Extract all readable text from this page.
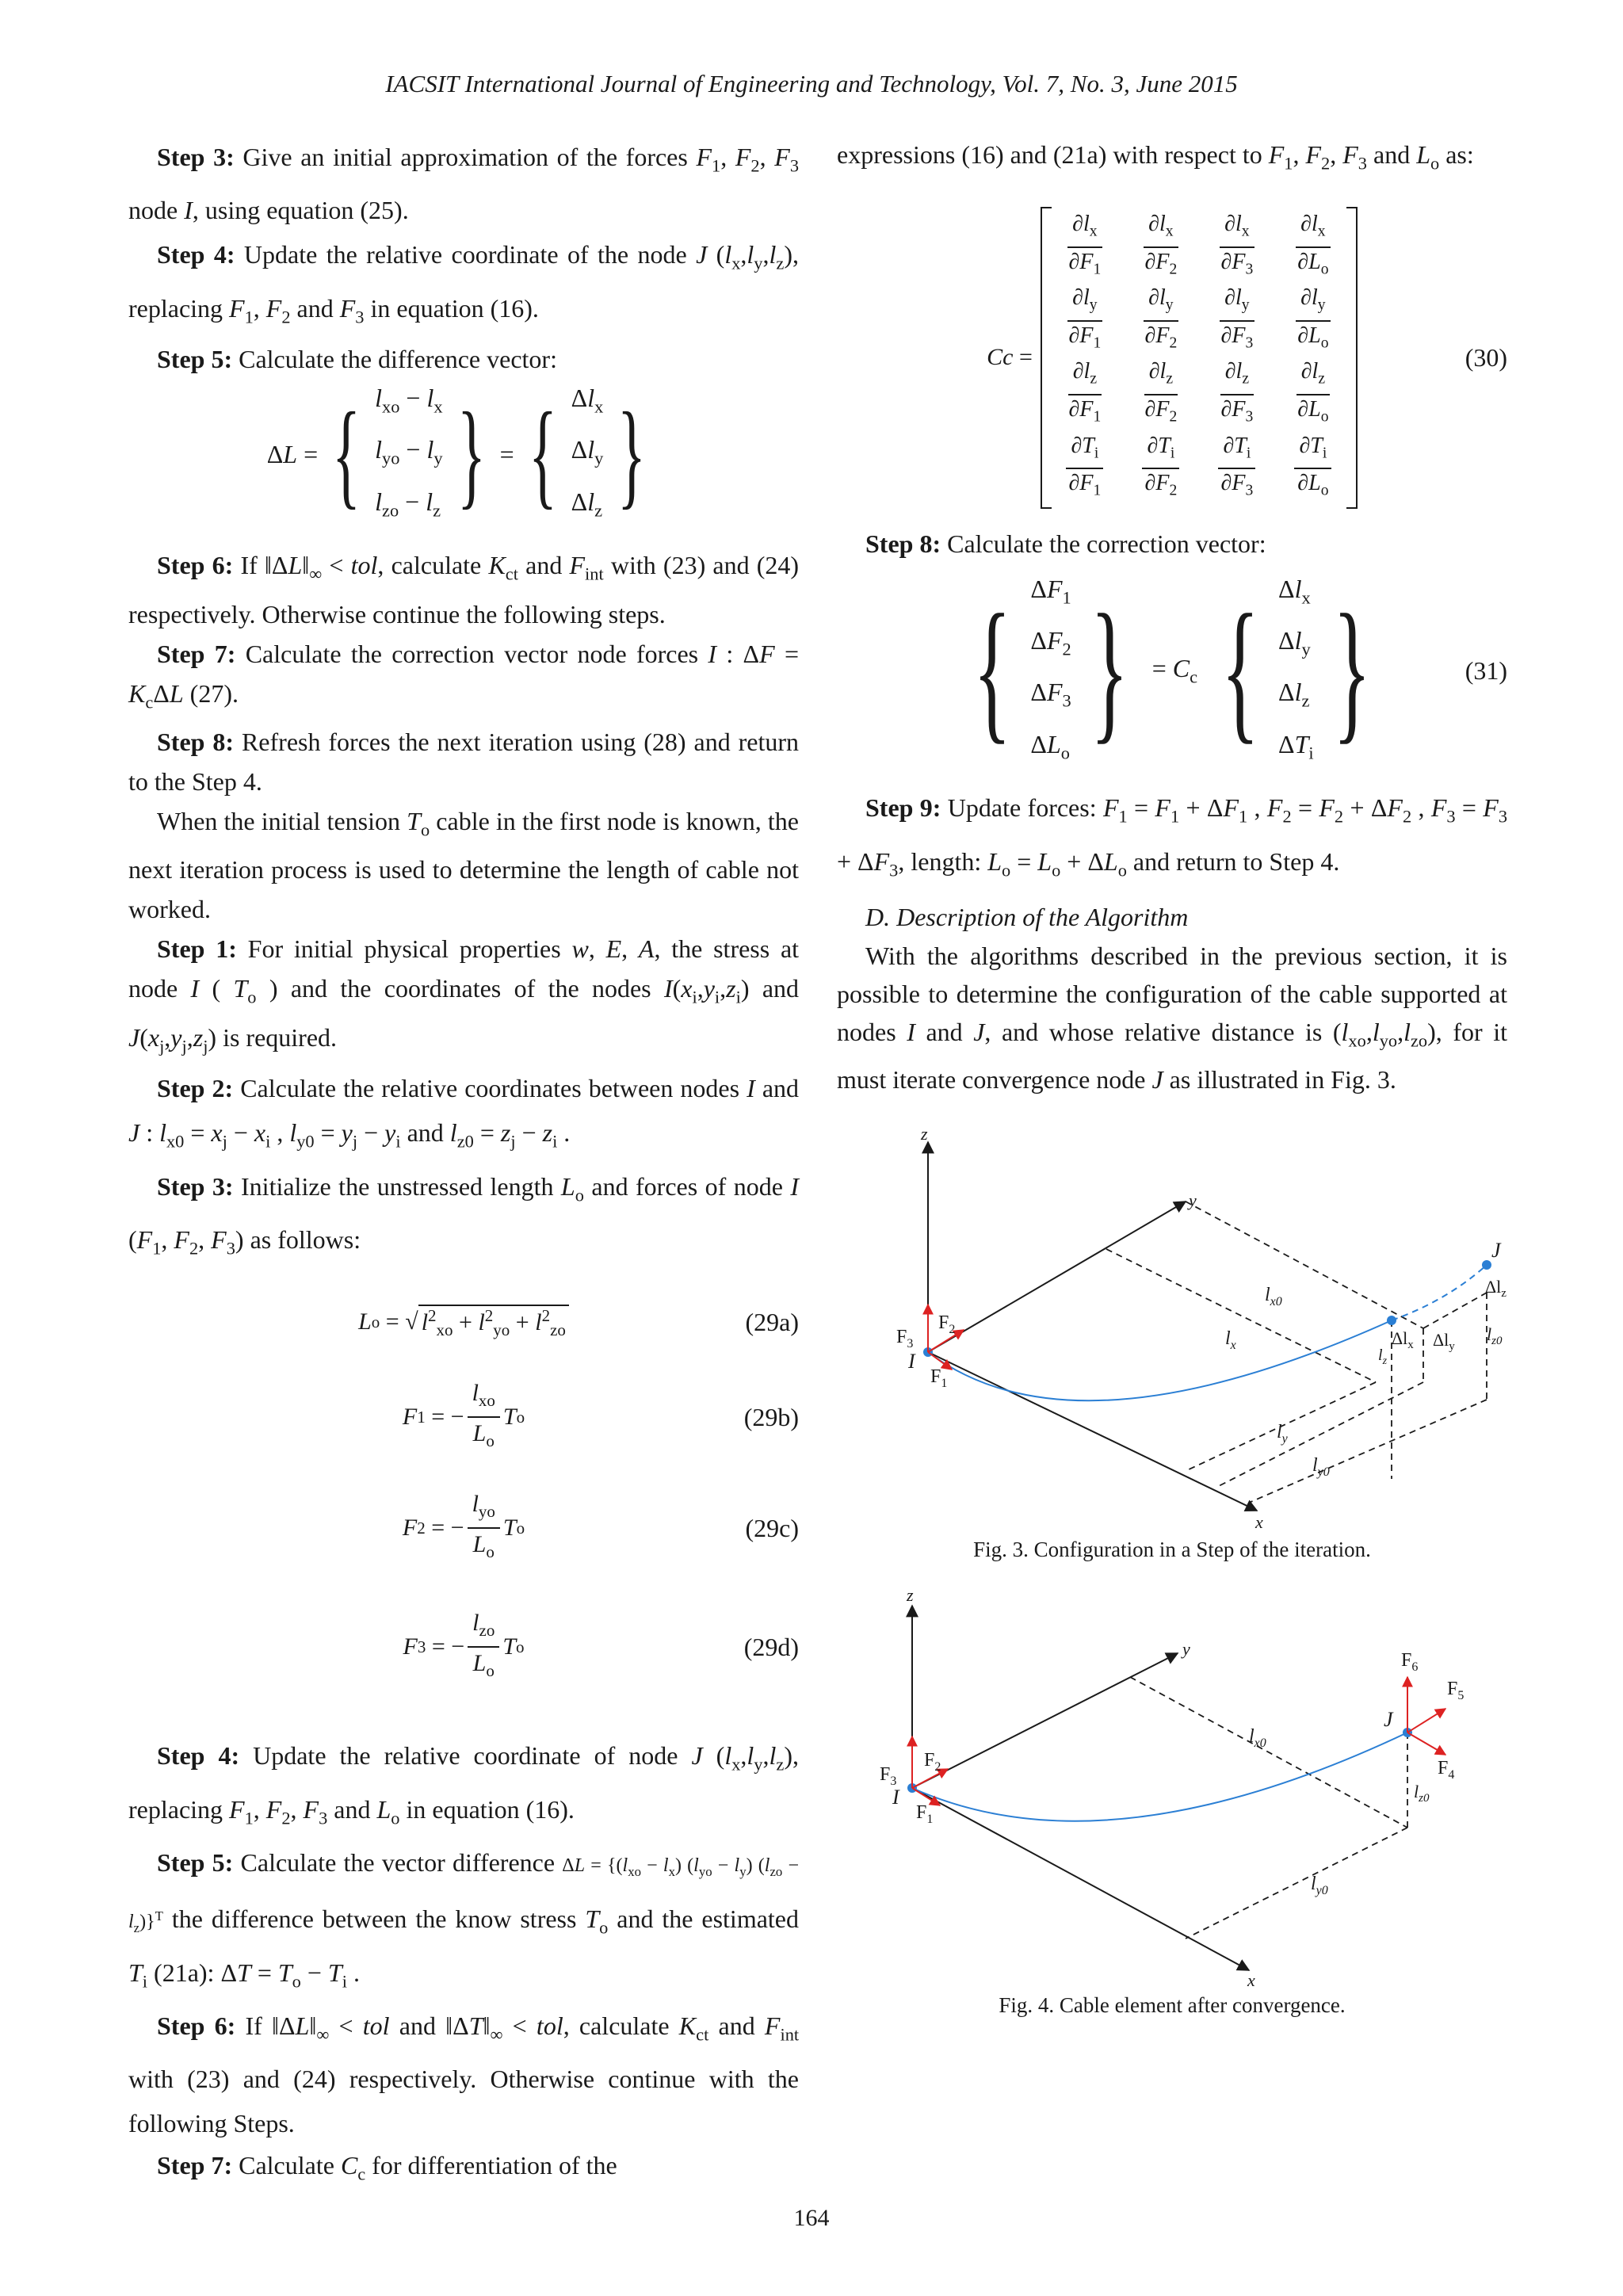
IACSIT International Journal of Engineering and Technology, Vol. 7, No. 3, June 2015

Step 3: Give an initial approximation of the forces $F_1$, $F_2$, $F_3$ node I, using equation (25).

Step 4: Update the relative coordinate of the node J $(l_x,l_y,l_z)$, replacing $F_1$, $F_2$ and $F_3$ in equation (16).

Step 5: Calculate the difference vector:

ΔL = { $l_{xo} - l_x$
$l_{yo} - l_y$
$l_{zo} - l_z$ } = { $\Delta l_x$
$\Delta l_y$
$\Delta l_z$ }

Step 6: If $‖\Delta L‖_\infty$ < tol, calculate $K_{ct}$ and $F_{int}$ with (23) and (24) respectively. Otherwise continue the following steps.

Step 7: Calculate the correction vector node forces I : $\Delta F = K_c\Delta L$ (27).

Step 8: Refresh forces the next iteration using (28) and return to the Step 4.

When the initial tension $T_o$ cable in the first node is known, the next iteration process is used to determine the length of cable not worked.

Step 1: For initial physical properties w, E, A, the stress at node I ( $T_o$ ) and the coordinates of the nodes $I(x_i,y_i,z_i)$ and $J(x_j,y_j,z_j)$ is required.

Step 2: Calculate the relative coordinates between nodes I and J : $l_{x0} = x_j - x_i$ , $l_{y0} = y_j - y_i$ and $l_{z0} = z_j - z_i$ .

Step 3: Initialize the unstressed length $L_o$ and forces of node I ($F_1$, $F_2$, $F_3$) as follows:

L o = √ $l^2_{xo} + l^2_{yo} + l^2_{zo}$	(29a)
F 1 = − $\frac{l_{xo}}{L_o}$ T o	(29b)
F 2 = − $\frac{l_{yo}}{L_o}$ T o	(29c)
F 3 = − $\frac{l_{zo}}{L_o}$ T o	(29d)

Step 4: Update the relative coordinate of node J $(l_x,l_y,l_z)$, replacing $F_1$, $F_2$, $F_3$ and $L_o$ in equation (16).

Step 5: Calculate the vector difference $\Delta L = \{(l_{xo} - l_x) (l_{yo} - l_y) (l_{zo} - l_z)\}^T$ the difference between the know stress $T_o$ and the estimated $T_i$ (21a): $\Delta T = T_o - T_i$ .

Step 6: If $‖\Delta L‖_\infty$ < tol and $‖\Delta T‖_\infty$ < tol, calculate $K_{ct}$ and $F_{int}$ with (23) and (24) respectively. Otherwise continue with the following Steps.

Step 7: Calculate $C_c$ for differentiation of the

expressions (16) and (21a) with respect to $F_1$, $F_2$, $F_3$ and $L_o$ as:

Cc =
$\frac{\partial l_x}{\partial F_1} \frac{\partial l_x}{\partial F_2} \frac{\partial l_x}{\partial F_3} \frac{\partial l_x}{\partial L_o}$
$\frac{\partial l_y}{\partial F_1} \frac{\partial l_y}{\partial F_2} \frac{\partial l_y}{\partial F_3} \frac{\partial l_y}{\partial L_o}$
$\frac{\partial l_z}{\partial F_1} \frac{\partial l_z}{\partial F_2} \frac{\partial l_z}{\partial F_3} \frac{\partial l_z}{\partial L_o}$
$\frac{\partial T_i}{\partial F_1} \frac{\partial T_i}{\partial F_2} \frac{\partial T_i}{\partial F_3} \frac{\partial T_i}{\partial L_o}$
(30)

Step 8: Calculate the correction vector:

{ $\Delta F_1$
$\Delta F_2$
$\Delta F_3$
$\Delta L_o$ } = $C_c$ { $\Delta l_x$
$\Delta l_y$
$\Delta l_z$
$\Delta T_i$ }	(31)

Step 9: Update forces: $F_1 = F_1 + \Delta F_1$ , $F_2 = F_2 + \Delta F_2$ , $F_3 = F_3 + \Delta F_3$, length: $L_o = L_o + \Delta L_o$ and return to Step 4.

D. Description of the Algorithm

With the algorithms described in the previous section, it is possible to determine the configuration of the cable supported at nodes I and J, and whose relative distance is $(l_{xo},l_{yo},l_{zo})$, for it must iterate convergence node J as illustrated in Fig. 3.

z
y
x
$F_3$
$F_2$
$F_1$
I
J
$l_{x0}$
$l_x$
$\Delta l_z$
$\Delta l_x$ $\Delta l_y$
$l_{z0}$
$l_z$
$l_y$
$l_{y0}$
Fig. 3. Configuration in a Step of the iteration.
z
y
x
$F_3$
$F_2$
$F_1$
$F_6$
$F_5$
$F_4$
I
J
$l_{x0}$
$l_{z0}$
$l_{y0}$
Fig. 4. Cable element after convergence.
164
